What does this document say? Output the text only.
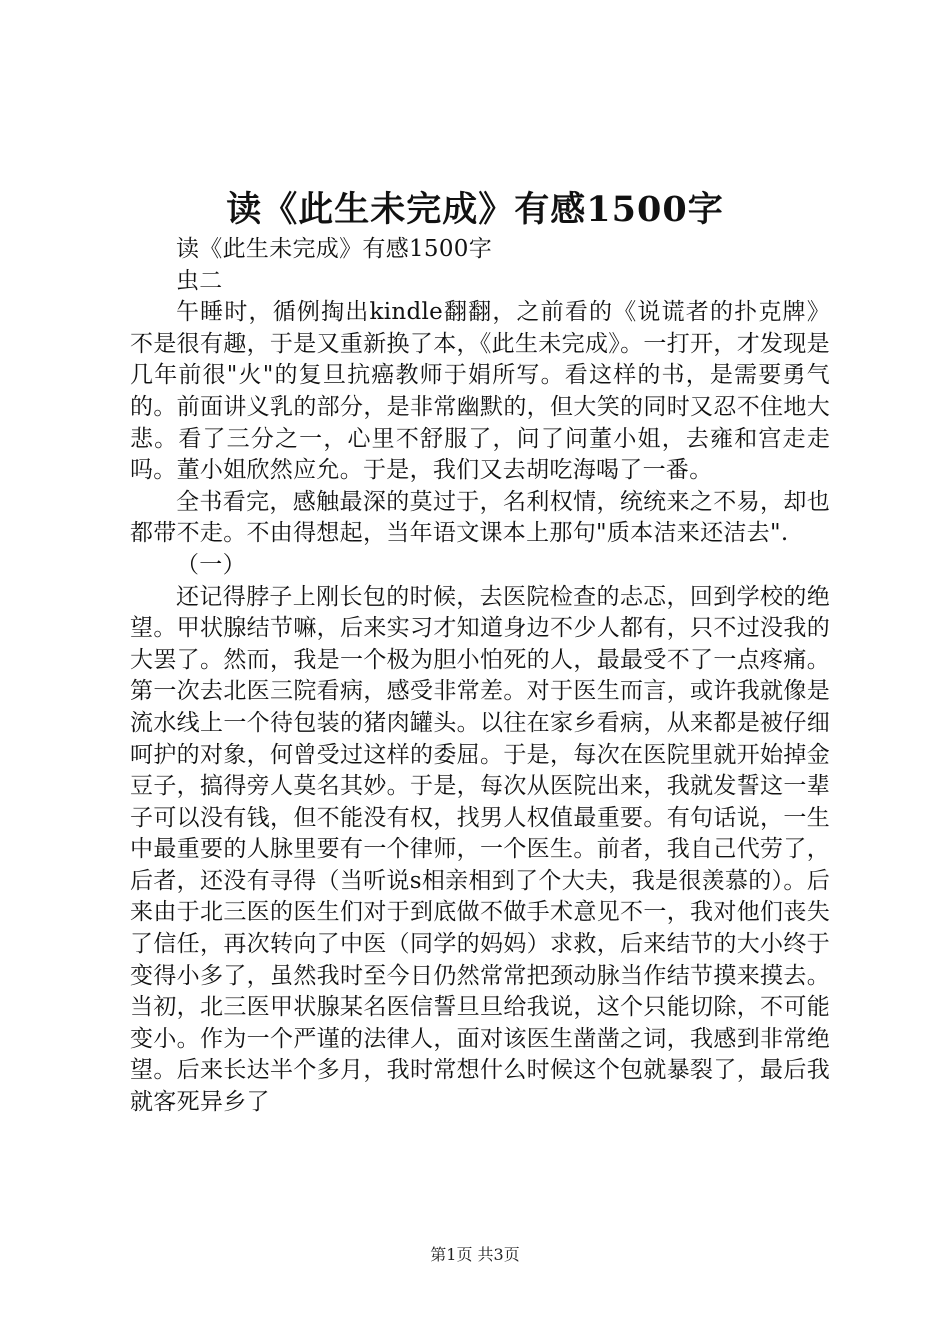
读《此生未完成》有感1500字

读《此生未完成》有感1500字

虫二

午睡时，循例掏出kindle翻翻，之前看的《说谎者的扑克牌》不是很有趣，于是又重新换了本，《此生未完成》。一打开，才发现是几年前很"火"的复旦抗癌教师于娟所写。看这样的书，是需要勇气的。前面讲义乳的部分，是非常幽默的，但大笑的同时又忍不住地大悲。看了三分之一，心里不舒服了，问了问董小姐，去雍和宫走走吗。董小姐欣然应允。于是，我们又去胡吃海喝了一番。

全书看完，感触最深的莫过于，名利权情，统统来之不易，却也都带不走。不由得想起，当年语文课本上那句"质本洁来还洁去".

（一）

还记得脖子上刚长包的时候，去医院检查的忐忑，回到学校的绝望。甲状腺结节嘛，后来实习才知道身边不少人都有，只不过没我的大罢了。然而，我是一个极为胆小怕死的人，最最受不了一点疼痛。第一次去北医三院看病，感受非常差。对于医生而言，或许我就像是流水线上一个待包装的猪肉罐头。以往在家乡看病，从来都是被仔细呵护的对象，何曾受过这样的委屈。于是，每次在医院里就开始掉金豆子，搞得旁人莫名其妙。于是，每次从医院出来，我就发誓这一辈子可以没有钱，但不能没有权，找男人权值最重要。有句话说，一生中最重要的人脉里要有一个律师，一个医生。前者，我自己代劳了，后者，还没有寻得（当听说s相亲相到了个大夫，我是很羡慕的）。后来由于北三医的医生们对于到底做不做手术意见不一，我对他们丧失了信任，再次转向了中医（同学的妈妈）求救，后来结节的大小终于变得小多了，虽然我时至今日仍然常常把颈动脉当作结节摸来摸去。当初，北三医甲状腺某名医信誓旦旦给我说，这个只能切除，不可能变小。作为一个严谨的法律人，面对该医生凿凿之词，我感到非常绝望。后来长达半个多月，我时常想什么时候这个包就暴裂了，最后我就客死异乡了

第1页 共3页
